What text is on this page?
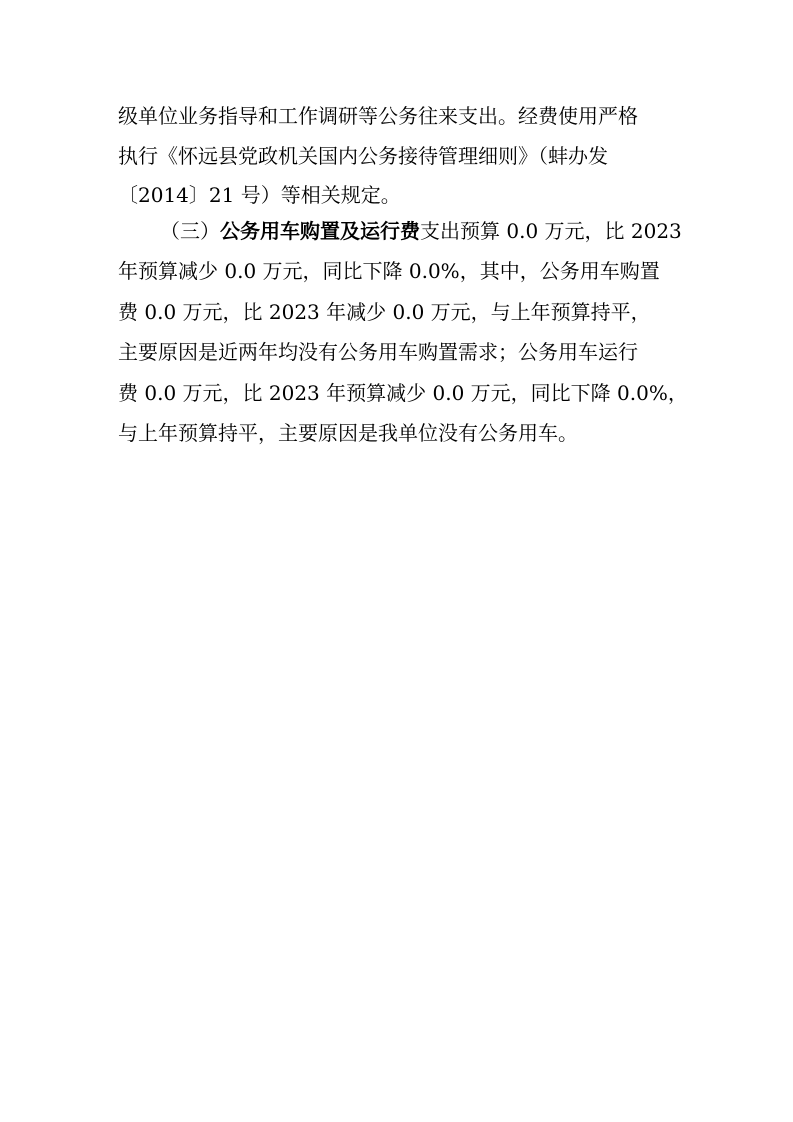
级单位业务指导和工作调研等公务往来支出。经费使用严格
执行《怀远县党政机关国内公务接待管理细则》（蚌办发
〔2014〕21 号）等相关规定。
（三）公务用车购置及运行费支出预算 0.0 万元，比 2023
年预算减少 0.0 万元，同比下降 0.0%，其中，公务用车购置
费 0.0 万元，比 2023 年减少 0.0 万元，与上年预算持平，
主要原因是近两年均没有公务用车购置需求；公务用车运行
费 0.0 万元，比 2023 年预算减少 0.0 万元，同比下降 0.0%，
与上年预算持平，主要原因是我单位没有公务用车。
